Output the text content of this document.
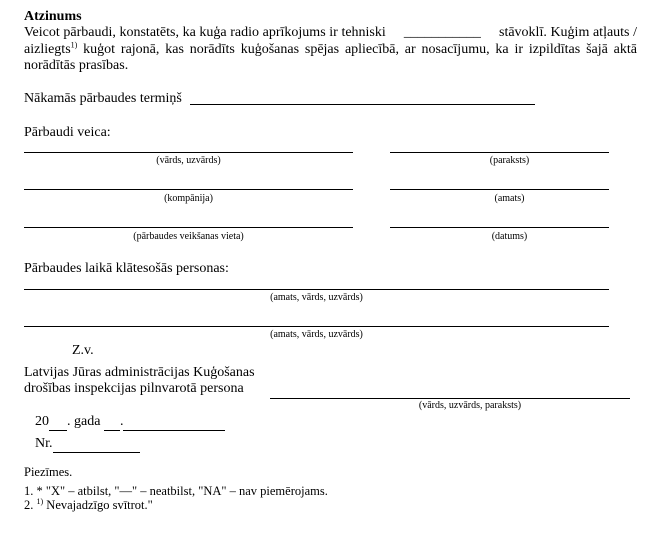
Atzinums
Veicot pārbaudi, konstatēts, ka kuģa radio aprīkojums ir tehniski ___________ stāvoklī. Kuģim atļauts / aizliegts$^{1)}$ kuģot rajonā, kas norādīts kuģošanas spējas apliecībā, ar nosacījumu, ka ir izpildītas šajā aktā norādītās prasības.
Nākamās pārbaudes termiņš
Pārbaudi veica:
(vārds, uzvārds)	(paraksts)
(kompānija)	(amats)
(pārbaudes veikšanas vieta)	(datums)
Pārbaudes laikā klātesošās personas:
(amats, vārds, uzvārds)
(amats, vārds, uzvārds)
Z.v.
Latvijas Jūras administrācijas Kuģošanas
drošības inspekcijas pilnvarotā persona
(vārds, uzvārds, paraksts)
20 . gada  .
Nr.
Piezīmes.
1. * "X" – atbilst, "—" – neatbilst, "NA" – nav piemērojams.
2. $^{1)}$ Nevajadzīgo svītrot."
